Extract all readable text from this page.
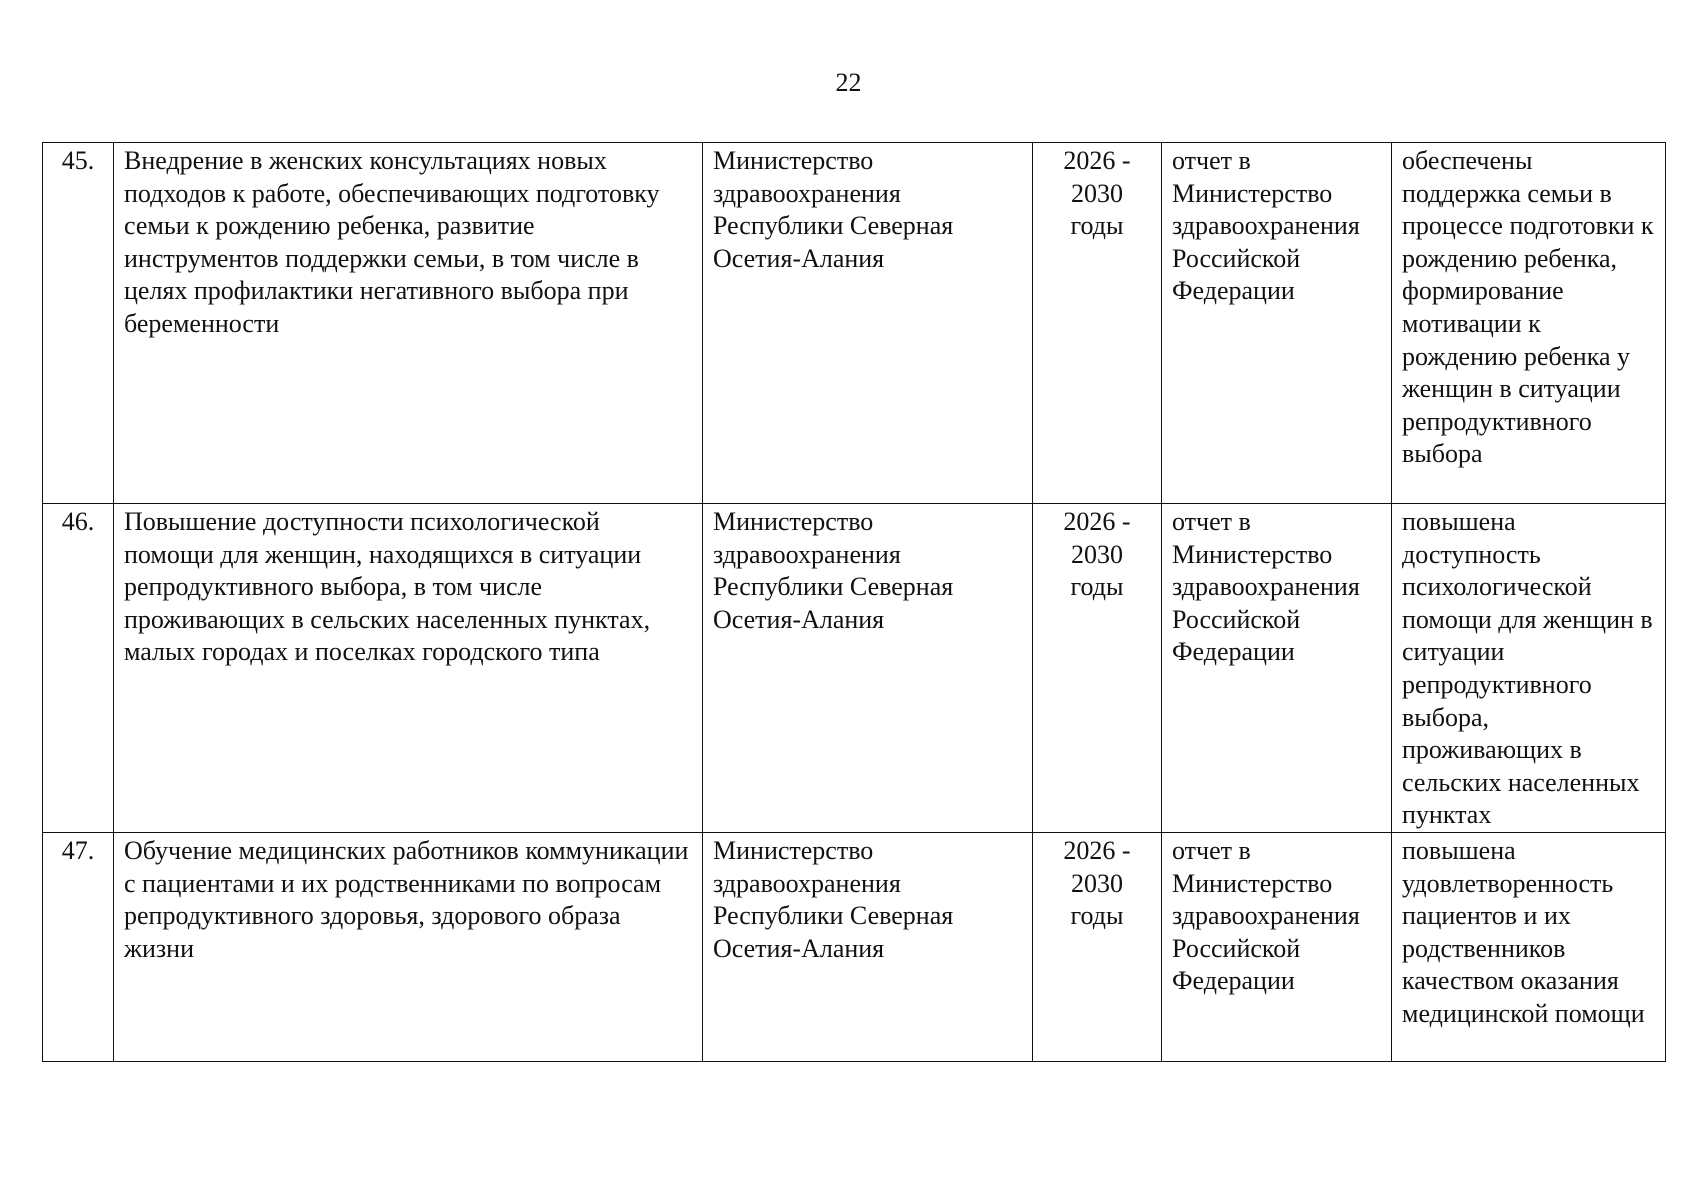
22
45.	Внедрение в женских консультациях новых подходов к работе, обеспечивающих подготовку семьи к рождению ребенка, развитие инструментов поддержки семьи, в том числе в целях профилактики негативного выбора при беременности	Министерство здравоохранения Республики Северная Осетия-Алания	2026 - 2030 годы	отчет в Министерство здравоохранения Российской Федерации	обеспечены поддержка семьи в процессе подготовки к рождению ребенка, формирование мотивации к рождению ребенка у женщин в ситуации репродуктивного выбора
46.	Повышение доступности психологической помощи для женщин, находящихся в ситуации репродуктивного выбора, в том числе проживающих в сельских населенных пунктах, малых городах и поселках городского типа	Министерство здравоохранения Республики Северная Осетия-Алания	2026 - 2030 годы	отчет в Министерство здравоохранения Российской Федерации	повышена доступность психологической помощи для женщин в ситуации репродуктивного выбора, проживающих в сельских населенных пунктах
47.	Обучение медицинских работников коммуникации с пациентами и их родственниками по вопросам репродуктивного здоровья, здорового образа жизни	Министерство здравоохранения Республики Северная Осетия-Алания	2026 - 2030 годы	отчет в Министерство здравоохранения Российской Федерации	повышена удовлетворенность пациентов и их родственников качеством оказания медицинской помощи
